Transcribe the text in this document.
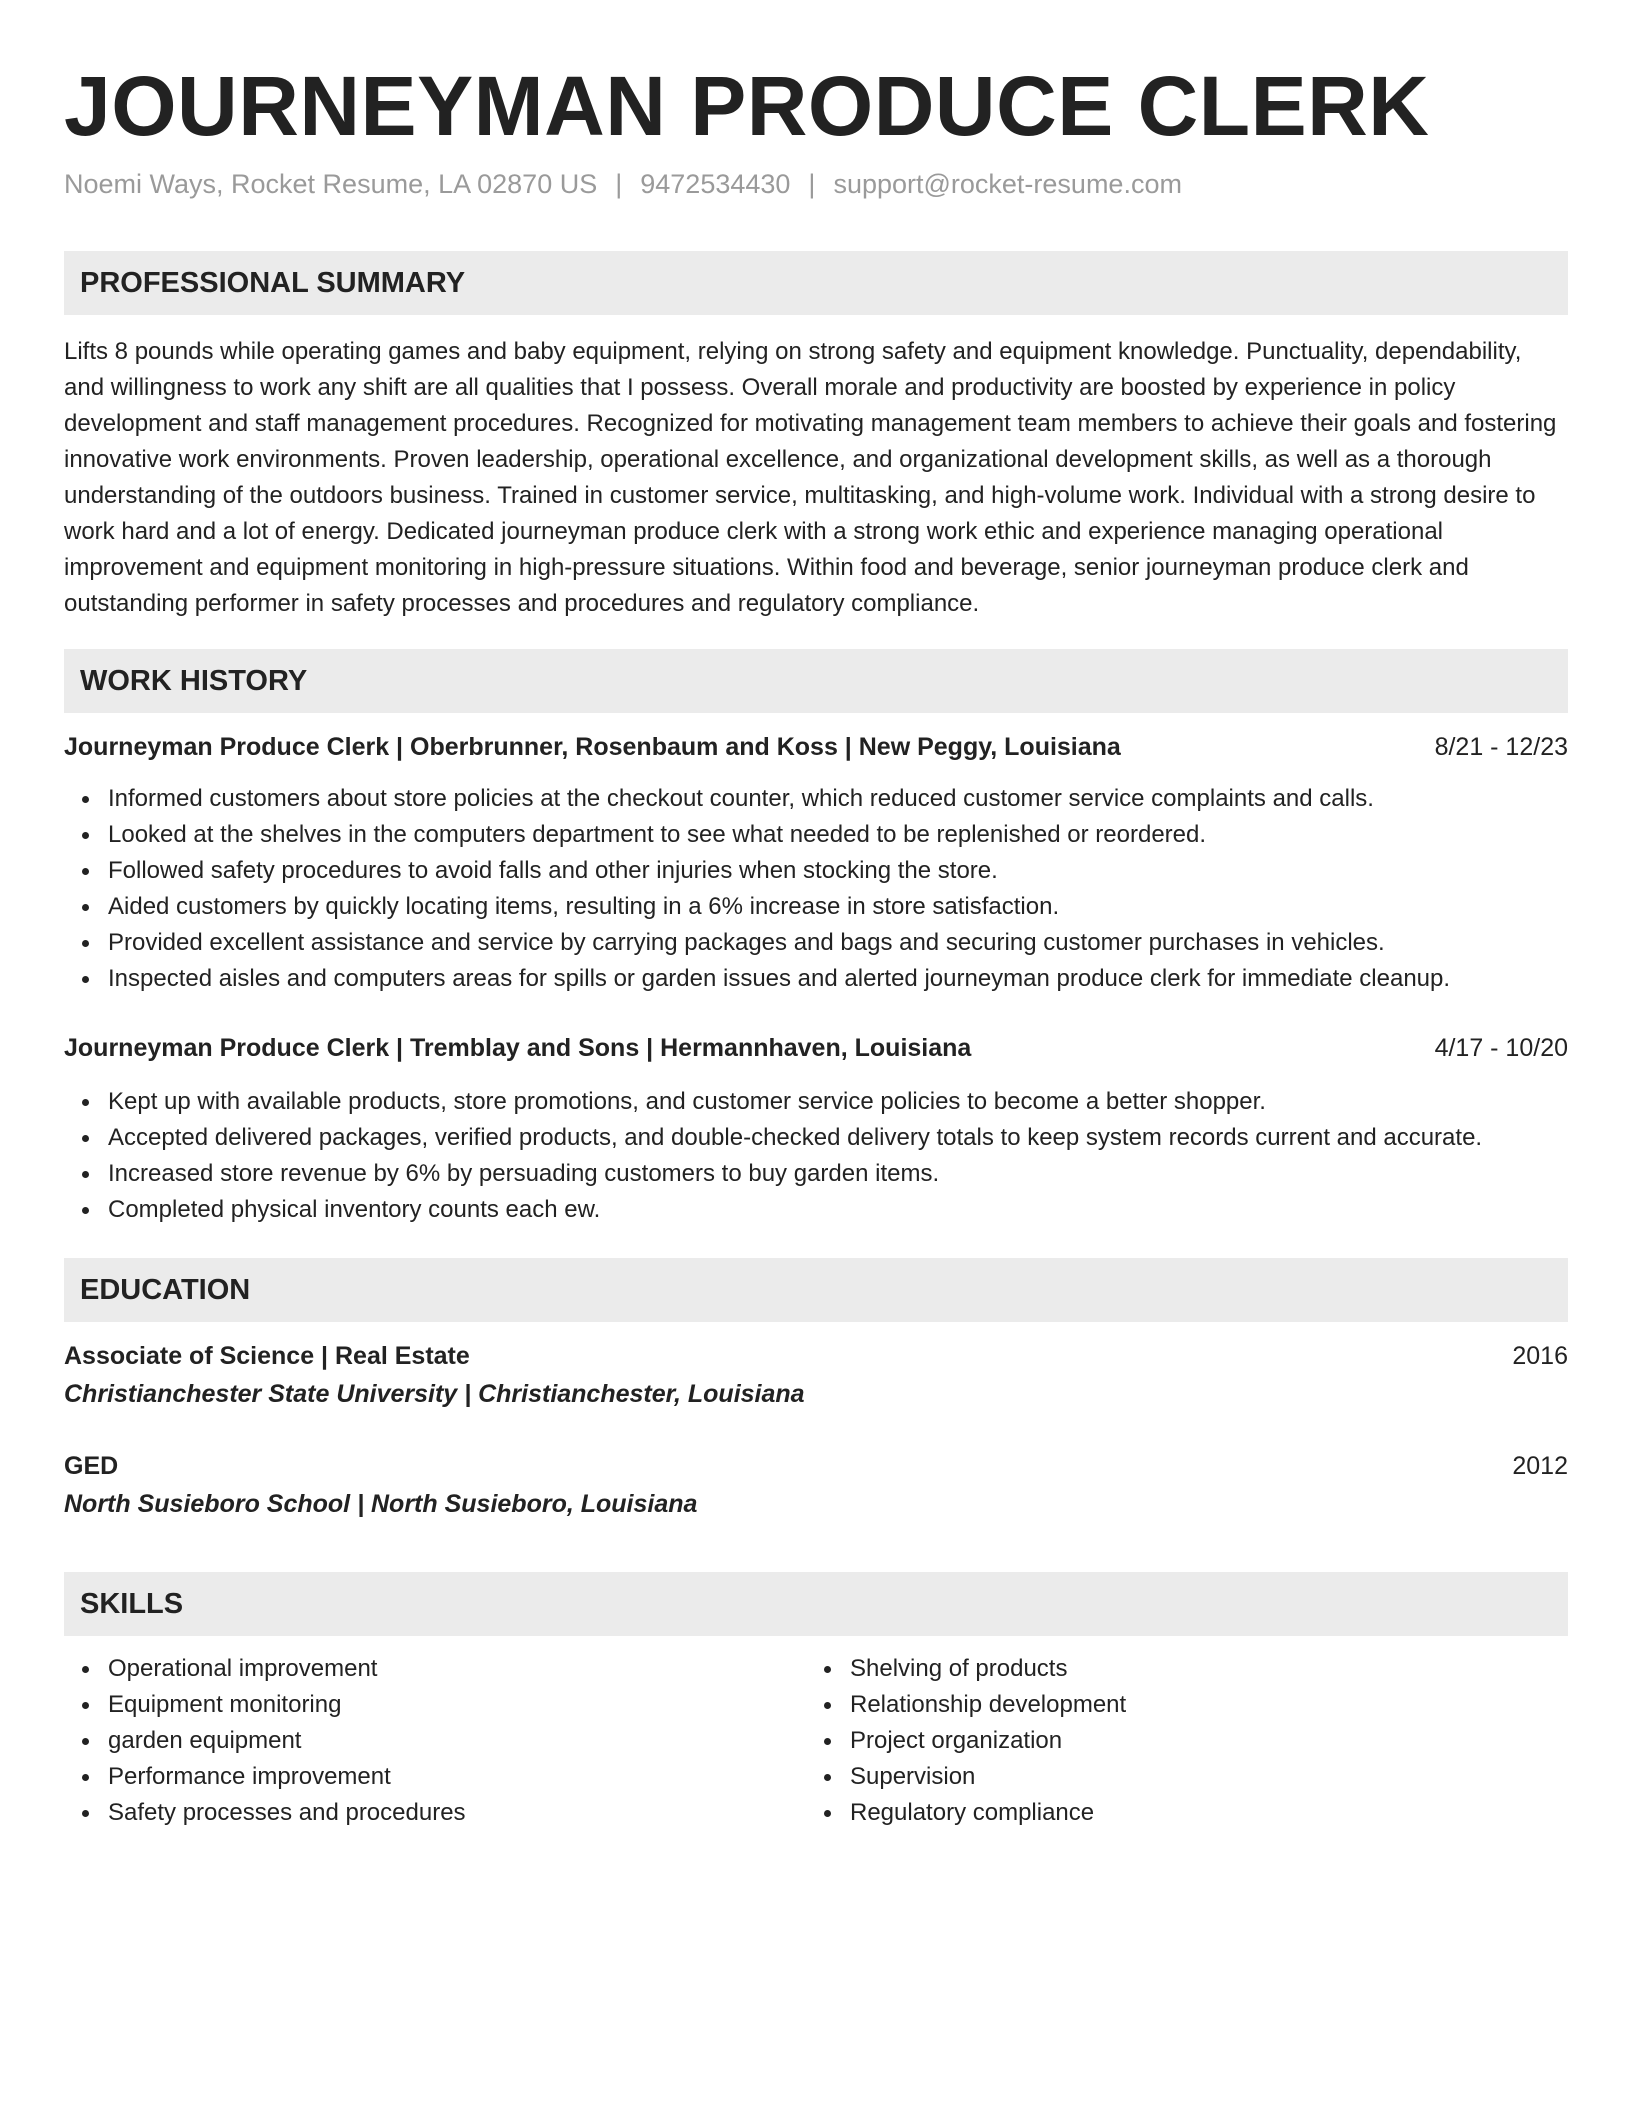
JOURNEYMAN PRODUCE CLERK
Noemi Ways, Rocket Resume, LA 02870 US | 9472534430 | support@rocket-resume.com
PROFESSIONAL SUMMARY

Lifts 8 pounds while operating games and baby equipment, relying on strong safety and equipment knowledge. Punctuality, dependability, and willingness to work any shift are all qualities that I possess. Overall morale and productivity are boosted by experience in policy development and staff management procedures. Recognized for motivating management team members to achieve their goals and fostering innovative work environments. Proven leadership, operational excellence, and organizational development skills, as well as a thorough understanding of the outdoors business. Trained in customer service, multitasking, and high-volume work. Individual with a strong desire to work hard and a lot of energy. Dedicated journeyman produce clerk with a strong work ethic and experience managing operational improvement and equipment monitoring in high-pressure situations. Within food and beverage, senior journeyman produce clerk and outstanding performer in safety processes and procedures and regulatory compliance.

WORK HISTORY
Journeyman Produce Clerk | Oberbrunner, Rosenbaum and Koss | New Peggy, Louisiana	8/21 - 12/23
Informed customers about store policies at the checkout counter, which reduced customer service complaints and calls.
Looked at the shelves in the computers department to see what needed to be replenished or reordered.
Followed safety procedures to avoid falls and other injuries when stocking the store.
Aided customers by quickly locating items, resulting in a 6% increase in store satisfaction.
Provided excellent assistance and service by carrying packages and bags and securing customer purchases in vehicles.
Inspected aisles and computers areas for spills or garden issues and alerted journeyman produce clerk for immediate cleanup.
Journeyman Produce Clerk | Tremblay and Sons | Hermannhaven, Louisiana	4/17 - 10/20
Kept up with available products, store promotions, and customer service policies to become a better shopper.
Accepted delivered packages, verified products, and double-checked delivery totals to keep system records current and accurate.
Increased store revenue by 6% by persuading customers to buy garden items.
Completed physical inventory counts each ew.
EDUCATION
Associate of Science | Real Estate	2016
Christianchester State University | Christianchester, Louisiana
GED	2012
North Susieboro School | North Susieboro, Louisiana
SKILLS
Operational improvement
Equipment monitoring
garden equipment
Performance improvement
Safety processes and procedures
Shelving of products
Relationship development
Project organization
Supervision
Regulatory compliance
